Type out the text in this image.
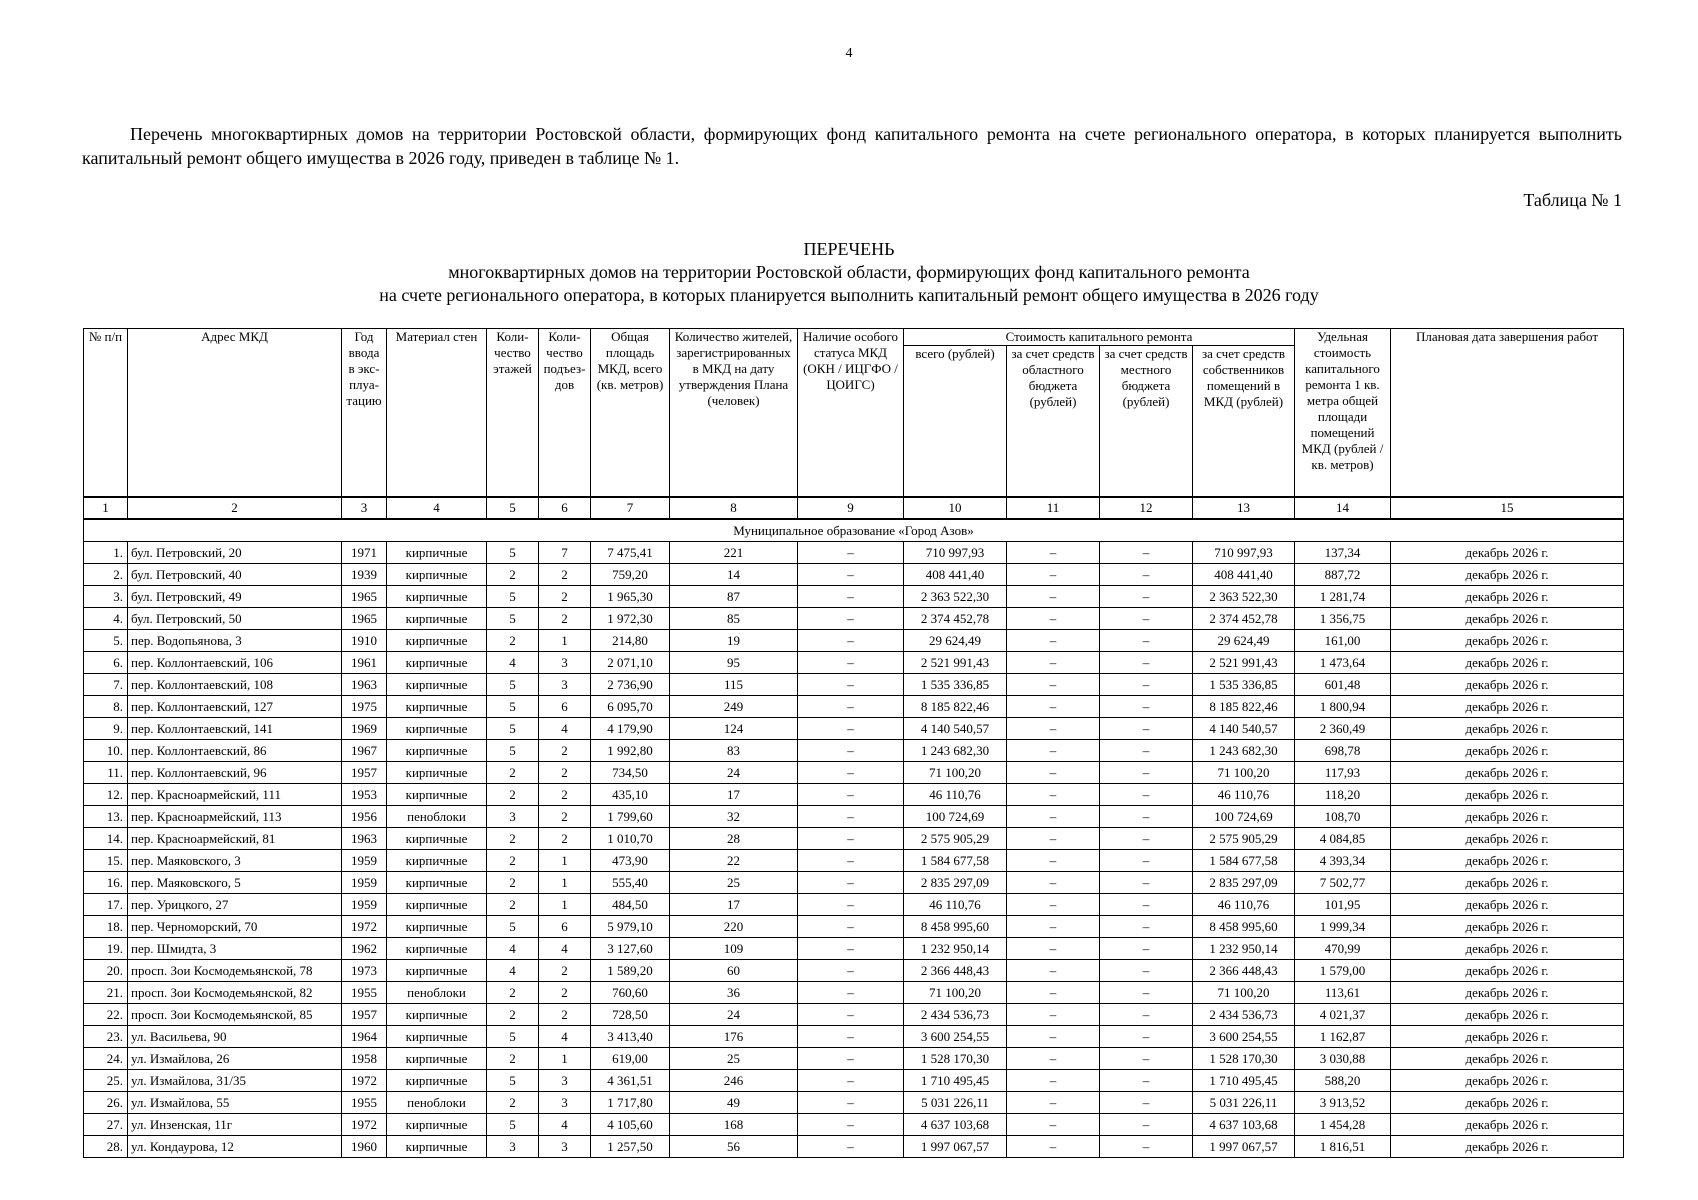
4
Перечень многоквартирных домов на территории Ростовской области, формирующих фонд капитального ремонта на счете регионального оператора, в которых планируется выполнить капитальный ремонт общего имущества в 2026 году, приведен в таблице № 1.
Таблица № 1
ПЕРЕЧЕНЬ
многоквартирных домов на территории Ростовской области, формирующих фонд капитального ремонта
на счете регионального оператора, в которых планируется выполнить капитальный ремонт общего имущества в 2026 году
№ п/п	Адрес МКД	Год ввода в экс-плуа-тацию	Материал стен	Коли-чество этажей	Коли-чество подъез-дов	Общая площадь МКД, всего (кв. метров)	Количество жителей, зарегистрированных в МКД на дату утверждения Плана (человек)	Наличие особого статуса МКД (ОКН / ИЦГФО / ЦОИГС)	Стоимость капитального ремонта				Удельная стоимость капитального ремонта 1 кв. метра общей площади помещений МКД (рублей / кв. метров)	Плановая дата завершения работ
									всего (рублей)	за счет средств областного бюджета (рублей)	за счет средств местного бюджета (рублей)	за счет средств собственников помещений в МКД (рублей)		
1	2	3	4	5	6	7	8	9	10	11	12	13	14	15
Муниципальное образование «Город Азов»														
1.	бул. Петровский, 20	1971	кирпичные	5	7	7 475,41	221	–	710 997,93	–	–	710 997,93	137,34	декабрь 2026 г.
2.	бул. Петровский, 40	1939	кирпичные	2	2	759,20	14	–	408 441,40	–	–	408 441,40	887,72	декабрь 2026 г.
3.	бул. Петровский, 49	1965	кирпичные	5	2	1 965,30	87	–	2 363 522,30	–	–	2 363 522,30	1 281,74	декабрь 2026 г.
4.	бул. Петровский, 50	1965	кирпичные	5	2	1 972,30	85	–	2 374 452,78	–	–	2 374 452,78	1 356,75	декабрь 2026 г.
5.	пер. Водопьянова, 3	1910	кирпичные	2	1	214,80	19	–	29 624,49	–	–	29 624,49	161,00	декабрь 2026 г.
6.	пер. Коллонтаевский, 106	1961	кирпичные	4	3	2 071,10	95	–	2 521 991,43	–	–	2 521 991,43	1 473,64	декабрь 2026 г.
7.	пер. Коллонтаевский, 108	1963	кирпичные	5	3	2 736,90	115	–	1 535 336,85	–	–	1 535 336,85	601,48	декабрь 2026 г.
8.	пер. Коллонтаевский, 127	1975	кирпичные	5	6	6 095,70	249	–	8 185 822,46	–	–	8 185 822,46	1 800,94	декабрь 2026 г.
9.	пер. Коллонтаевский, 141	1969	кирпичные	5	4	4 179,90	124	–	4 140 540,57	–	–	4 140 540,57	2 360,49	декабрь 2026 г.
10.	пер. Коллонтаевский, 86	1967	кирпичные	5	2	1 992,80	83	–	1 243 682,30	–	–	1 243 682,30	698,78	декабрь 2026 г.
11.	пер. Коллонтаевский, 96	1957	кирпичные	2	2	734,50	24	–	71 100,20	–	–	71 100,20	117,93	декабрь 2026 г.
12.	пер. Красноармейский, 111	1953	кирпичные	2	2	435,10	17	–	46 110,76	–	–	46 110,76	118,20	декабрь 2026 г.
13.	пер. Красноармейский, 113	1956	пеноблоки	3	2	1 799,60	32	–	100 724,69	–	–	100 724,69	108,70	декабрь 2026 г.
14.	пер. Красноармейский, 81	1963	кирпичные	2	2	1 010,70	28	–	2 575 905,29	–	–	2 575 905,29	4 084,85	декабрь 2026 г.
15.	пер. Маяковского, 3	1959	кирпичные	2	1	473,90	22	–	1 584 677,58	–	–	1 584 677,58	4 393,34	декабрь 2026 г.
16.	пер. Маяковского, 5	1959	кирпичные	2	1	555,40	25	–	2 835 297,09	–	–	2 835 297,09	7 502,77	декабрь 2026 г.
17.	пер. Урицкого, 27	1959	кирпичные	2	1	484,50	17	–	46 110,76	–	–	46 110,76	101,95	декабрь 2026 г.
18.	пер. Черноморский, 70	1972	кирпичные	5	6	5 979,10	220	–	8 458 995,60	–	–	8 458 995,60	1 999,34	декабрь 2026 г.
19.	пер. Шмидта, 3	1962	кирпичные	4	4	3 127,60	109	–	1 232 950,14	–	–	1 232 950,14	470,99	декабрь 2026 г.
20.	просп. Зои Космодемьянской, 78	1973	кирпичные	4	2	1 589,20	60	–	2 366 448,43	–	–	2 366 448,43	1 579,00	декабрь 2026 г.
21.	просп. Зои Космодемьянской, 82	1955	пеноблоки	2	2	760,60	36	–	71 100,20	–	–	71 100,20	113,61	декабрь 2026 г.
22.	просп. Зои Космодемьянской, 85	1957	кирпичные	2	2	728,50	24	–	2 434 536,73	–	–	2 434 536,73	4 021,37	декабрь 2026 г.
23.	ул. Васильева, 90	1964	кирпичные	5	4	3 413,40	176	–	3 600 254,55	–	–	3 600 254,55	1 162,87	декабрь 2026 г.
24.	ул. Измайлова, 26	1958	кирпичные	2	1	619,00	25	–	1 528 170,30	–	–	1 528 170,30	3 030,88	декабрь 2026 г.
25.	ул. Измайлова, 31/35	1972	кирпичные	5	3	4 361,51	246	–	1 710 495,45	–	–	1 710 495,45	588,20	декабрь 2026 г.
26.	ул. Измайлова, 55	1955	пеноблоки	2	3	1 717,80	49	–	5 031 226,11	–	–	5 031 226,11	3 913,52	декабрь 2026 г.
27.	ул. Инзенская, 11г	1972	кирпичные	5	4	4 105,60	168	–	4 637 103,68	–	–	4 637 103,68	1 454,28	декабрь 2026 г.
28.	ул. Кондаурова, 12	1960	кирпичные	3	3	1 257,50	56	–	1 997 067,57	–	–	1 997 067,57	1 816,51	декабрь 2026 г.
